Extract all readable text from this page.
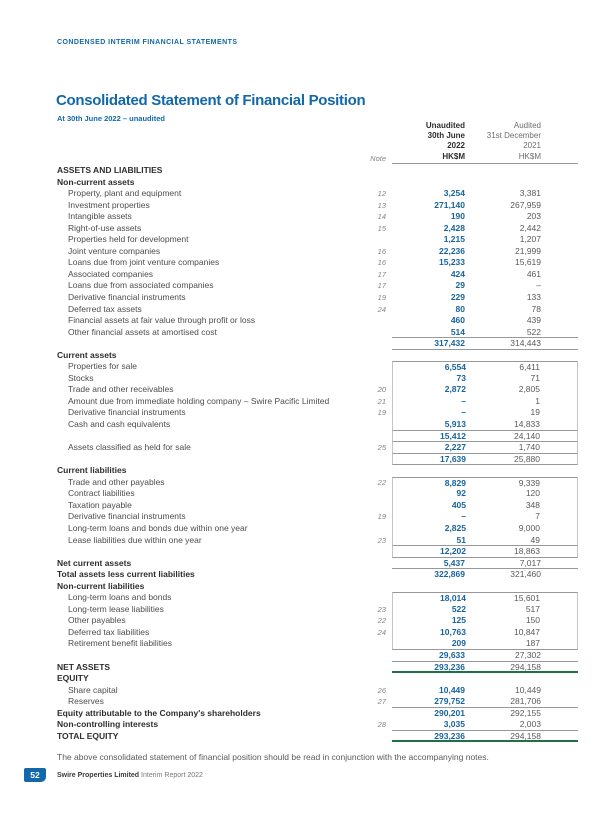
CONDENSED INTERIM FINANCIAL STATEMENTS
Consolidated Statement of Financial Position
At 30th June 2022 – unaudited
Note
Unaudited
30th June
2022
HK$M
Audited
31st December
2021
HK$M
ASSETS AND LIABILITIES
Non-current assets
Property, plant and equipment	12	3,254	3,381
Investment properties	13	271,140	267,959
Intangible assets	14	190	203
Right-of-use assets	15	2,428	2,442
Properties held for development	1,215	1,207
Joint venture companies	16	22,236	21,999
Loans due from joint venture companies	16	15,233	15,619
Associated companies	17	424	461
Loans due from associated companies	17	29	–
Derivative financial instruments	19	229	133
Deferred tax assets	24	80	78
Financial assets at fair value through profit or loss	460	439
Other financial assets at amortised cost	514	522
317,432	314,443
Current assets
Properties for sale	6,554	6,411
Stocks	73	71
Trade and other receivables	20	2,872	2,805
Amount due from immediate holding company – Swire Pacific Limited	21	–	1
Derivative financial instruments	19	–	19
Cash and cash equivalents	5,913	14,833
15,412	24,140
Assets classified as held for sale	25	2,227	1,740
17,639	25,880
Current liabilities
Trade and other payables	22	8,829	9,339
Contract liabilities	92	120
Taxation payable	405	348
Derivative financial instruments	19	–	7
Long-term loans and bonds due within one year	2,825	9,000
Lease liabilities due within one year	23	51	49
12,202	18,863
Net current assets	5,437	7,017
Total assets less current liabilities	322,869	321,460
Non-current liabilities
Long-term loans and bonds	18,014	15,601
Long-term lease liabilities	23	522	517
Other payables	22	125	150
Deferred tax liabilities	24	10,763	10,847
Retirement benefit liabilities	209	187
29,633	27,302
NET ASSETS	293,236	294,158
EQUITY
Share capital	26	10,449	10,449
Reserves	27	279,752	281,706
Equity attributable to the Company's shareholders	290,201	292,155
Non-controlling interests	28	3,035	2,003
TOTAL EQUITY	293,236	294,158
The above consolidated statement of financial position should be read in conjunction with the accompanying notes.
52	Swire Properties Limited Interim Report 2022
